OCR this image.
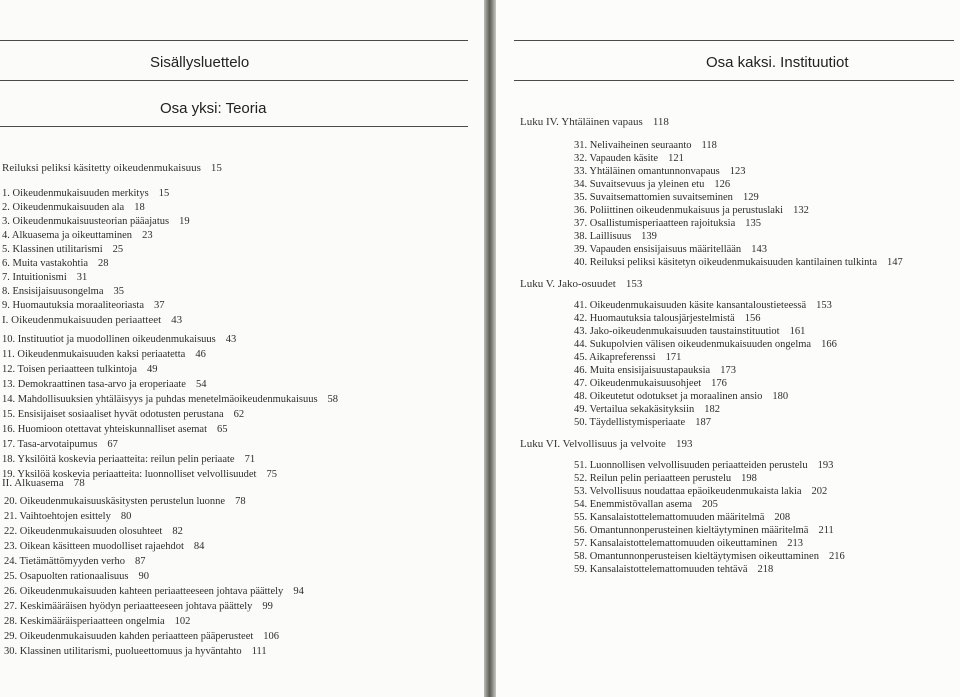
Sisällysluettelo
Osa yksi: Teoria
Reiluksi peliksi käsitetty oikeudenmukaisuus 15
1. Oikeudenmukaisuuden merkitys 15
2. Oikeudenmukaisuuden ala 18
3. Oikeudenmukaisuusteorian pääajatus 19
4. Alkuasema ja oikeuttaminen 23
5. Klassinen utilitarismi 25
6. Muita vastakohtia 28
7. Intuitionismi 31
8. Ensisijaisuusongelma 35
9. Huomautuksia moraaliteoriasta 37
I. Oikeudenmukaisuuden periaatteet 43
10. Instituutiot ja muodollinen oikeudenmukaisuus 43
11. Oikeudenmukaisuuden kaksi periaatetta 46
12. Toisen periaatteen tulkintoja 49
13. Demokraattinen tasa-arvo ja eroperiaate 54
14. Mahdollisuuksien yhtäläisyys ja puhdas menetelmäoikeudenmukaisuus 58
15. Ensisijaiset sosiaaliset hyvät odotusten perustana 62
16. Huomioon otettavat yhteiskunnalliset asemat 65
17. Tasa-arvotaipumus 67
18. Yksilöitä koskevia periaatteita: reilun pelin periaate 71
19. Yksilöä koskevia periaatteita: luonnolliset velvollisuudet 75
II. Alkuasema 78
20. Oikeudenmukaisuuskäsitysten perustelun luonne 78
21. Vaihtoehtojen esittely 80
22. Oikeudenmukaisuuden olosuhteet 82
23. Oikean käsitteen muodolliset rajaehdot 84
24. Tietämättömyyden verho 87
25. Osapuolten rationaalisuus 90
26. Oikeudenmukaisuuden kahteen periaatteeseen johtava päättely 94
27. Keskimääräisen hyödyn periaatteeseen johtava päättely 99
28. Keskimääräisperiaatteen ongelmia 102
29. Oikeudenmukaisuuden kahden periaatteen pääperusteet 106
30. Klassinen utilitarismi, puolueettomuus ja hyväntahto 111
Osa kaksi. Instituutiot
Luku IV. Yhtäläinen vapaus 118
31. Nelivaiheinen seuraanto 118
32. Vapauden käsite 121
33. Yhtäläinen omantunnonvapaus 123
34. Suvaitsevuus ja yleinen etu 126
35. Suvaitsemattomien suvaitseminen 129
36. Poliittinen oikeudenmukaisuus ja perustuslaki 132
37. Osallistumisperiaatteen rajoituksia 135
38. Laillisuus 139
39. Vapauden ensisijaisuus määritellään 143
40. Reiluksi peliksi käsitetyn oikeudenmukaisuuden kantilainen tulkinta 147
Luku V. Jako-osuudet 153
41. Oikeudenmukaisuuden käsite kansantaloustieteessä 153
42. Huomautuksia talousjärjestelmistä 156
43. Jako-oikeudenmukaisuuden taustainstituutiot 161
44. Sukupolvien välisen oikeudenmukaisuuden ongelma 166
45. Aikapreferenssi 171
46. Muita ensisijaisuustapauksia 173
47. Oikeudenmukaisuusohjeet 176
48. Oikeutetut odotukset ja moraalinen ansio 180
49. Vertailua sekakäsityksiin 182
50. Täydellistymisperiaate 187
Luku VI. Velvollisuus ja velvoite 193
51. Luonnollisen velvollisuuden periaatteiden perustelu 193
52. Reilun pelin periaatteen perustelu 198
53. Velvollisuus noudattaa epäoikeudenmukaista lakia 202
54. Enemmistövallan asema 205
55. Kansalaistottelemattomuuden määritelmä 208
56. Omantunnonperusteinen kieltäytyminen määritelmä 211
57. Kansalaistottelemattomuuden oikeuttaminen 213
58. Omantunnonperusteisen kieltäytymisen oikeuttaminen 216
59. Kansalaistottelemattomuuden tehtävä 218
